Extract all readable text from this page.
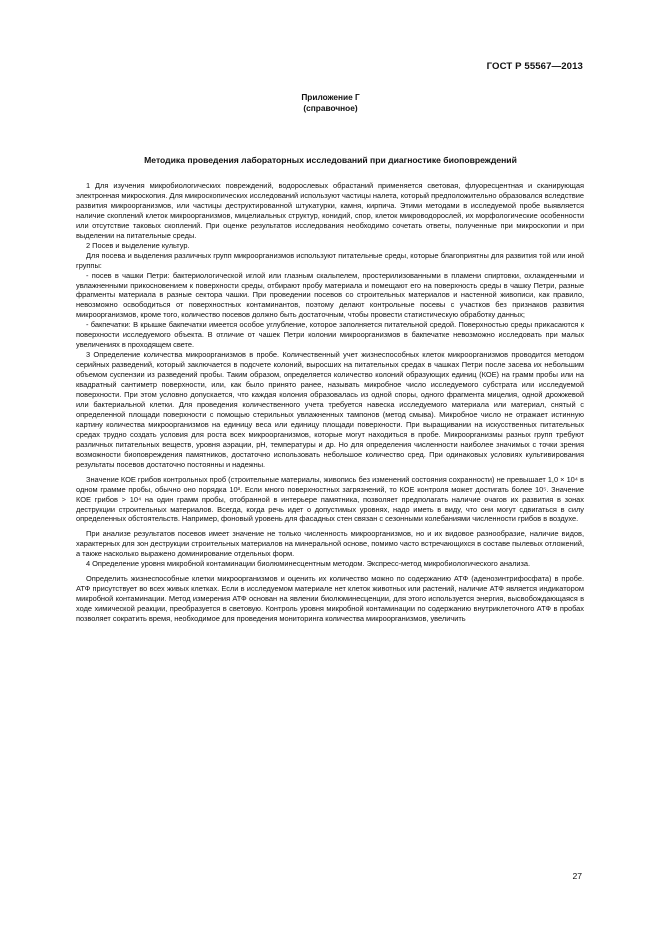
ГОСТ Р 55567—2013
Приложение Г
(справочное)
Методика проведения лабораторных исследований при диагностике биоповреждений

1 Для изучения микробиологических повреждений, водорослевых обрастаний применяется световая, флуоресцентная и сканирующая электронная микроскопия. Для микроскопических исследований используют частицы налета, который предположительно образовался вследствие развития микроорганизмов, или частицы деструктированной штукатурки, камня, кирпича. Этими методами в исследуемой пробе выявляется наличие скоплений клеток микроорганизмов, мицелиальных структур, конидий, спор, клеток микроводорослей, их морфологические особенности или отсутствие таковых скоплений. При оценке результатов исследования необходимо сочетать ответы, полученные при микроскопии и при выделении на питательные среды.

2 Посев и выделение культур.

Для посева и выделения различных групп микроорганизмов используют питательные среды, которые благоприятны для развития той или иной группы:

- посев в чашки Петри: бактериологической иглой или глазным скальпелем, простерилизованными в пламени спиртовки, охлажденными и увлажненными прикосновением к поверхности среды, отбирают пробу материала и помещают его на поверхность среды в чашку Петри, разные фрагменты материала в разные сектора чашки. При проведении посевов со строительных материалов и настенной живописи, как правило, невозможно освободиться от поверхностных контаминантов, поэтому делают контрольные посевы с участков без признаков развития микроорганизмов, кроме того, количество посевов должно быть достаточным, чтобы провести статистическую обработку данных;

- бакпечатки: В крышке бакпечатки имеется особое углубление, которое заполняется питательной средой. Поверхностью среды прикасаются к поверхности исследуемого объекта. В отличие от чашек Петри колонии микроорганизмов в бакпечатке невозможно исследовать при малых увеличениях в проходящем свете.

3 Определение количества микроорганизмов в пробе. Количественный учет жизнеспособных клеток микроорганизмов проводится методом серийных разведений, который заключается в подсчете колоний, выросших на питательных средах в чашках Петри после засева их небольшим объемом суспензии из разведений пробы. Таким образом, определяется количество колоний образующих единиц (КОЕ) на грамм пробы или на квадратный сантиметр поверхности, или, как было принято ранее, называть микробное число исследуемого субстрата или исследуемой поверхности. При этом условно допускается, что каждая колония образовалась из одной споры, одного фрагмента мицелия, одной дрожжевой или бактериальной клетки. Для проведения количественного учета требуется навеска исследуемого материала или материал, снятый с определенной площади поверхности с помощью стерильных увлажненных тампонов (метод смыва). Микробное число не отражает истинную картину количества микроорганизмов на единицу веса или единицу площади поверхности. При выращивании на искусственных питательных средах трудно создать условия для роста всех микроорганизмов, которые могут находиться в пробе. Микроорганизмы разных групп требуют различных питательных веществ, уровня аэрации, pH, температуры и др. Но для определения численности наиболее значимых с точки зрения возможности биоповреждения памятников, достаточно использовать небольшое количество сред. При одинаковых условиях культивирования результаты посевов достаточно постоянны и надежны.

Значение КОЕ грибов контрольных проб (строительные материалы, живопись без изменений состояния сохранности) не превышает 1,0 × 10⁴ в одном грамме пробы, обычно оно порядка 10³. Если много поверхностных загрязнений, то КОЕ контроля может достигать более 10⁵. Значение КОЕ грибов > 10⁴ на один грамм пробы, отобранной в интерьере памятника, позволяет предполагать наличие очагов их развития в зонах деструкции строительных материалов. Всегда, когда речь идет о допустимых уровнях, надо иметь в виду, что они могут сдвигаться в силу определенных обстоятельств. Например, фоновый уровень для фасадных стен связан с сезонными колебаниями численности грибов в воздухе.

При анализе результатов посевов имеет значение не только численность микроорганизмов, но и их видовое разнообразие, наличие видов, характерных для зон деструкции строительных материалов на минеральной основе, помимо часто встречающихся в составе пылевых отложений, а также насколько выражено доминирование отдельных форм.

4 Определение уровня микробной контаминации биолюминесцентным методом. Экспресс-метод микробиологического анализа.

Определить жизнеспособные клетки микроорганизмов и оценить их количество можно по содержанию АТФ (аденозинтрифосфата) в пробе. АТФ присутствует во всех живых клетках. Если в исследуемом материале нет клеток животных или растений, наличие АТФ является индикатором микробной контаминации. Метод измерения АТФ основан на явлении биолюминесценции, для этого используется энергия, высвобождающаяся в ходе химической реакции, преобразуется в световую. Контроль уровня микробной контаминации по содержанию внутриклеточного АТФ в пробах позволяет сократить время, необходимое для проведения мониторинга количества микроорганизмов, увеличить

27
